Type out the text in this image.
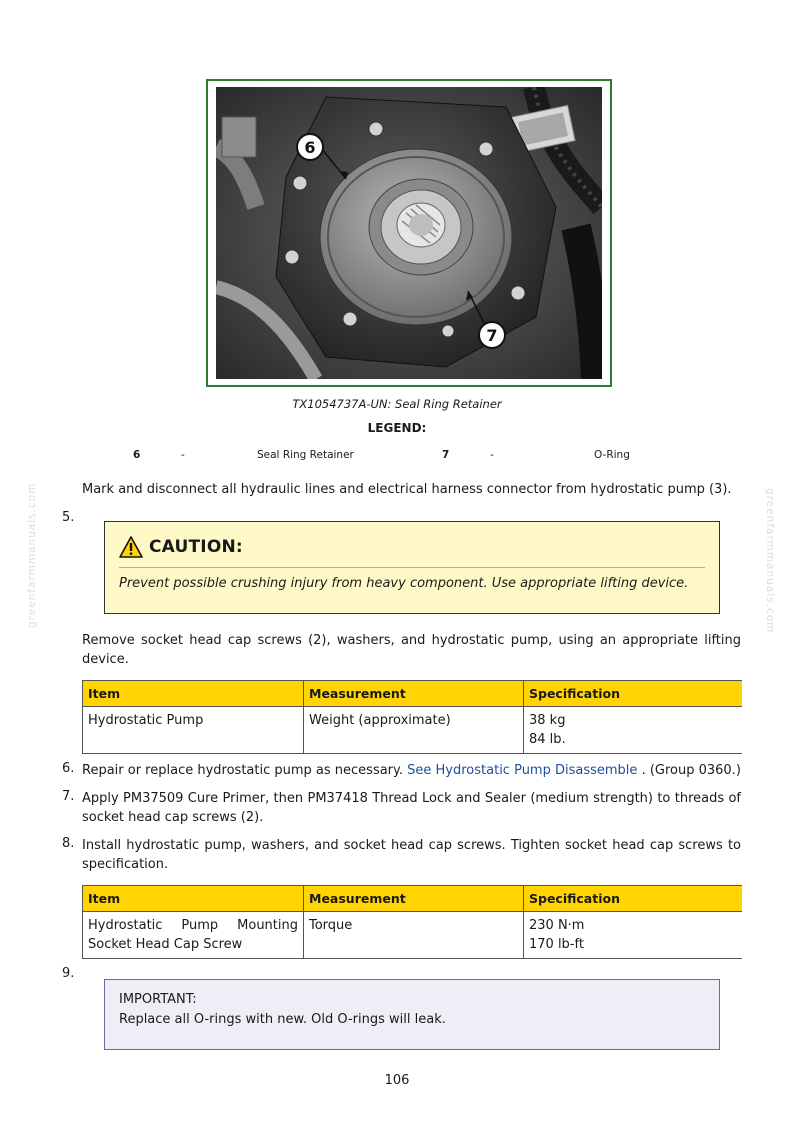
6
7
TX1054737A-UN: Seal Ring Retainer
LEGEND:
6	-	Seal Ring Retainer	7	-	O-Ring
Mark and disconnect all hydraulic lines and electrical harness connector from hydrostatic pump (3).
5.
CAUTION:
Prevent possible crushing injury from heavy component. Use appropriate lifting device.
Remove socket head cap screws (2), washers, and hydrostatic pump, using an appropriate lifting device.
Item	Measurement	Specification
Hydrostatic Pump	Weight (approximate)	38 kg
84 lb.
6. Repair or replace hydrostatic pump as necessary. See Hydrostatic Pump Disassemble . (Group 0360.)
7. Apply PM37509 Cure Primer, then PM37418 Thread Lock and Sealer (medium strength) to threads of socket head cap screws (2).
8. Install hydrostatic pump, washers, and socket head cap screws. Tighten socket head cap screws to specification.
Item	Measurement	Specification
Hydrostatic Pump Mounting Socket Head Cap Screw	Torque	230 N·m
170 lb-ft
9.
IMPORTANT:
Replace all O-rings with new. Old O-rings will leak.
106
greenfarmmanuals.com	greenfarmmanuals.com
